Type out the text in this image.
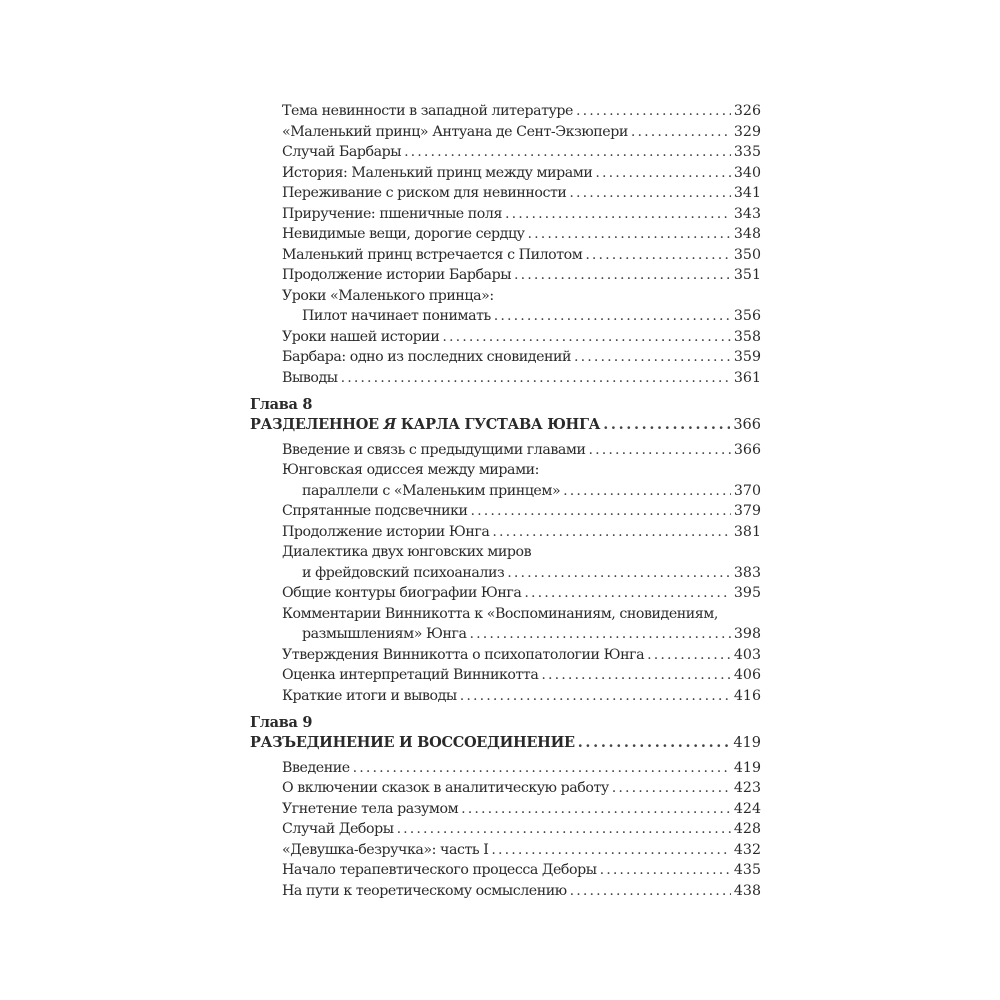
Тема невинности в западной литературе . . .	326
«Маленький принц» Антуана де Сент-Экзюпери . . .	329
Случай Барбары . . .	335
История: Маленький принц между мирами . . .	340
Переживание с риском для невинности . . .	341
Приручение: пшеничные поля . . .	343
Невидимые вещи, дорогие сердцу . . .	348
Маленький принц встречается с Пилотом . . .	350
Продолжение истории Барбары . . .	351
Уроки «Маленького принца»:
Пилот начинает понимать . . .	356
Уроки нашей истории . . .	358
Барбара: одно из последних сновидений . . .	359
Выводы . . .	361
Глава 8
РАЗДЕЛЕННОЕ Я КАРЛА ГУСТАВА ЮНГА . . .	366
Введение и связь с предыдущими главами . . .	366
Юнговская одиссея между мирами:
параллели с «Маленьким принцем» . . .	370
Спрятанные подсвечники . . .	379
Продолжение истории Юнга . . .	381
Диалектика двух юнговских миров
и фрейдовский психоанализ . . .	383
Общие контуры биографии Юнга . . .	395
Комментарии Винникотта к «Воспоминаниям, сновидениям,
размышлениям» Юнга . . .	398
Утверждения Винникотта о психопатологии Юнга . . .	403
Оценка интерпретаций Винникотта . . .	406
Краткие итоги и выводы . . .	416
Глава 9
РАЗЪЕДИНЕНИЕ И ВОССОЕДИНЕНИЕ . . .	419
Введение . . .	419
О включении сказок в аналитическую работу . . .	423
Угнетение тела разумом . . .	424
Случай Деборы . . .	428
«Девушка-безручка»: часть I . . .	432
Начало терапевтического процесса Деборы . . .	435
На пути к теоретическому осмыслению . . .	438
